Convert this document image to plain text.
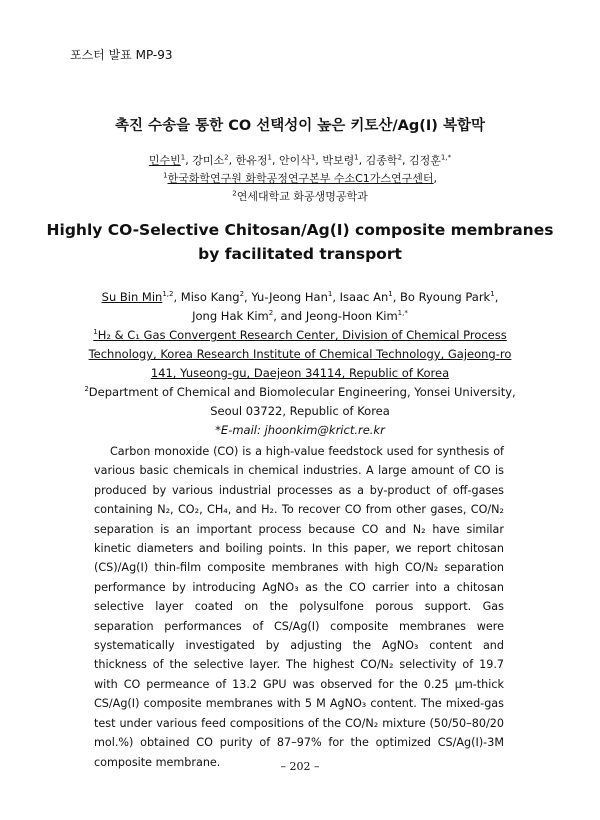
포스터 발표 MP-93
촉진 수송을 통한 CO 선택성이 높은 키토산/Ag(I) 복합막
민수빈$^1$, 강미소$^2$, 한유정$^1$, 안이삭$^1$, 박보령$^1$, 김종학$^2$, 김정훈$^{1,*}$
$^1$한국화학연구원 화학공정연구본부 수소C1가스연구센터,
$^2$연세대학교 화공생명공학과
Highly CO-Selective Chitosan/Ag(I) composite membranes
by facilitated transport
Su Bin Min$^{1,2}$, Miso Kang$^2$, Yu-Jeong Han$^1$, Isaac An$^1$, Bo Ryoung Park$^1$,
Jong Hak Kim$^2$, and Jeong-Hoon Kim$^{1,*}$
$^1$H₂ & C₁ Gas Convergent Research Center, Division of Chemical Process
Technology, Korea Research Institute of Chemical Technology, Gajeong-ro
141, Yuseong-gu, Daejeon 34114, Republic of Korea
$^2$Department of Chemical and Biomolecular Engineering, Yonsei University,
Seoul 03722, Republic of Korea
*E-mail: jhoonkim@krict.re.kr

Carbon monoxide (CO) is a high-value feedstock used for synthesis of various basic chemicals in chemical industries. A large amount of CO is produced by various industrial processes as a by-product of off-gases containing N₂, CO₂, CH₄, and H₂. To recover CO from other gases, CO/N₂ separation is an important process because CO and N₂ have similar kinetic diameters and boiling points. In this paper, we report chitosan (CS)/Ag(I) thin-film composite membranes with high CO/N₂ separation performance by introducing AgNO₃ as the CO carrier into a chitosan selective layer coated on the polysulfone porous support. Gas separation performances of CS/Ag(I) composite membranes were systematically investigated by adjusting the AgNO₃ content and thickness of the selective layer. The highest CO/N₂ selectivity of 19.7 with CO permeance of 13.2 GPU was observed for the 0.25 μm-thick CS/Ag(I) composite membranes with 5 M AgNO₃ content. The mixed-gas test under various feed compositions of the CO/N₂ mixture (50/50–80/20 mol.%) obtained CO purity of 87–97% for the optimized CS/Ag(I)-3M composite membrane.	– 202 –
